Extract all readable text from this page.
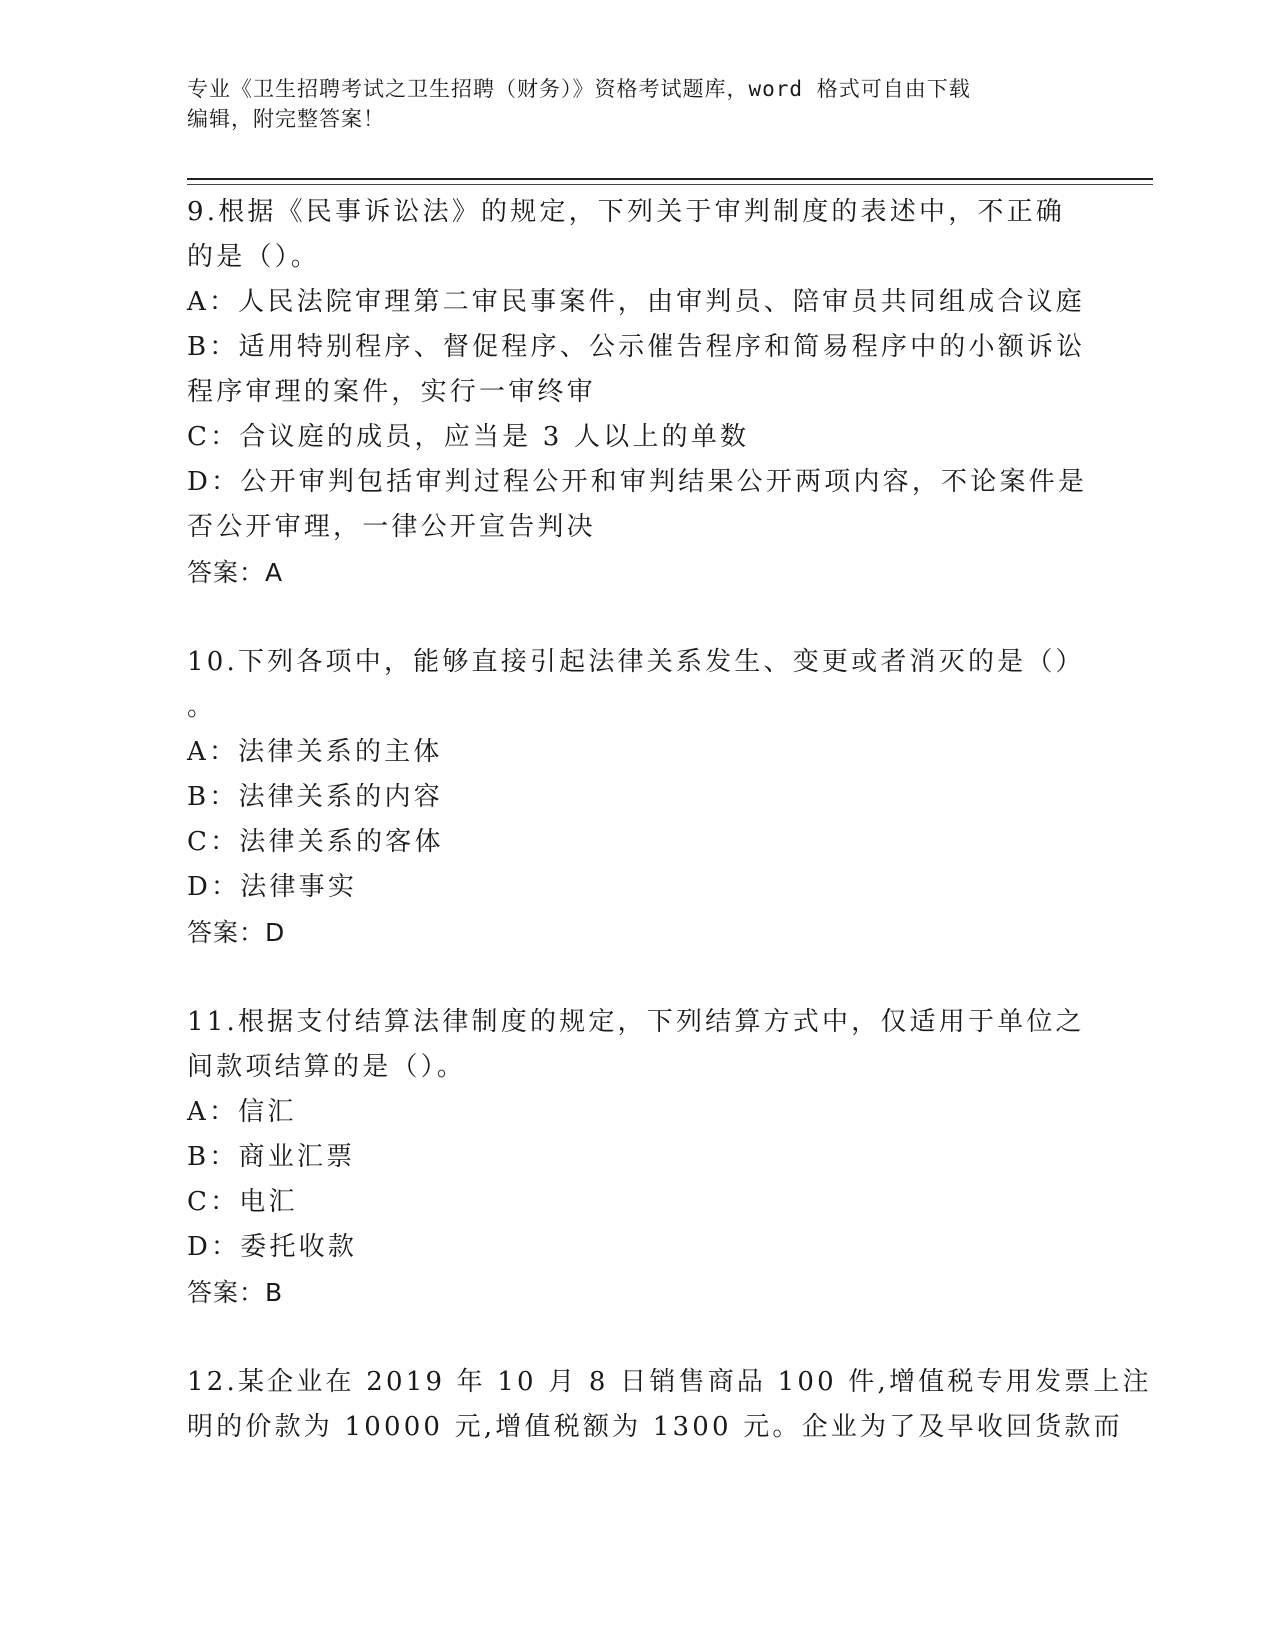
专业《卫生招聘考试之卫生招聘（财务）》资格考试题库，word 格式可自由下载
编辑，附完整答案！
9.根据《民事诉讼法》的规定，下列关于审判制度的表述中，不正确
的是（）。
A：人民法院审理第二审民事案件，由审判员、陪审员共同组成合议庭
B：适用特别程序、督促程序、公示催告程序和简易程序中的小额诉讼
程序审理的案件，实行一审终审
C：合议庭的成员，应当是 3 人以上的单数
D：公开审判包括审判过程公开和审判结果公开两项内容，不论案件是
否公开审理，一律公开宣告判决
答案：A
10.下列各项中，能够直接引起法律关系发生、变更或者消灭的是（）
。
A：法律关系的主体
B：法律关系的内容
C：法律关系的客体
D：法律事实
答案：D
11.根据支付结算法律制度的规定，下列结算方式中，仅适用于单位之
间款项结算的是（）。
A：信汇
B：商业汇票
C：电汇
D：委托收款
答案：B
12.某企业在 2019 年 10 月 8 日销售商品 100 件,增值税专用发票上注
明的价款为 10000 元,增值税额为 1300 元。企业为了及早收回货款而
